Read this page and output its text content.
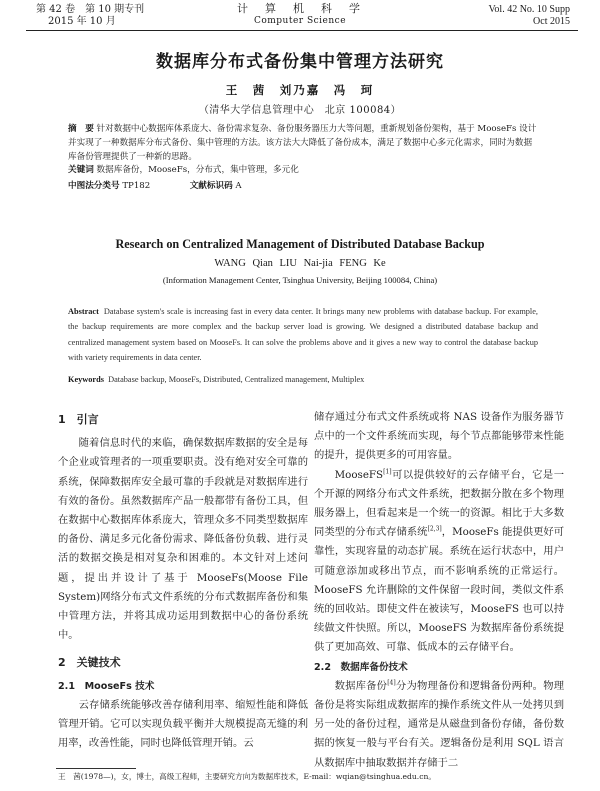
第 42 卷　第 10 期专刊
2015 年 10 月
计　算　机　科　学
Computer Science
Vol. 42 No. 10 Supp
Oct 2015
数据库分布式备份集中管理方法研究
王　茜　刘乃嘉　冯　珂
（清华大学信息管理中心　北京 100084）
摘　要 针对数据中心数据库体系庞大、备份需求复杂、备份服务器压力大等问题，重新规划备份架构，基于 MooseFs 设计并实现了一种数据库分布式备份、集中管理的方法。该方法大大降低了备份成本，满足了数据中心多元化需求，同时为数据库备份管理提供了一种新的思路。
关键词 数据库备份，MooseFs，分布式，集中管理，多元化
中图法分类号 TP182	文献标识码 A
Research on Centralized Management of Distributed Database Backup
WANG Qian LIU Nai-jia FENG Ke
(Information Management Center, Tsinghua University, Beijing 100084, China)
Abstract Database system's scale is increasing fast in every data center. It brings many new problems with database backup. For example, the backup requirements are more complex and the backup server load is growing. We designed a distributed database backup and centralized management system based on MooseFs. It can solve the problems above and it gives a new way to control the database backup with variety requirements in data center.
Keywords Database backup, MooseFs, Distributed, Centralized management, Multiplex
1　引言

随着信息时代的来临，确保数据库数据的安全是每个企业或管理者的一项重要职责。没有绝对安全可靠的系统，保障数据库安全最可靠的手段就是对数据库进行有效的备份。虽然数据库产品一般都带有备份工具，但在数据中心数据库体系庞大，管理众多不同类型数据库的备份、满足多元化备份需求、降低备份负载、进行灵活的数据交换是相对复杂和困难的。本文针对上述问题，提出并设计了基于 MooseFs(Moose File System)网络分布式文件系统的分布式数据库备份和集中管理方法，并将其成功运用到数据中心的备份系统中。

2　关键技术
2.1　MooseFs 技术

云存储系统能够改善存储利用率、缩短性能和降低管理开销。它可以实现负载平衡并大规模提高无缝的利用率，改善性能，同时也降低管理开销。云

储存通过分布式文件系统或将 NAS 设备作为服务器节点中的一个文件系统而实现，每个节点都能够带来性能的提升，提供更多的可用容量。

MooseFS[1]可以提供较好的云存储平台，它是一个开源的网络分布式文件系统，把数据分散在多个物理服务器上，但看起来是一个统一的资源。相比于大多数同类型的分布式存储系统[2,3]，MooseFs 能提供更好可靠性，实现容量的动态扩展。系统在运行状态中，用户可随意添加或移出节点，而不影响系统的正常运行。MooseFS 允许删除的文件保留一段时间，类似文件系统的回收站。即使文件在被读写，MooseFS 也可以持续做文件快照。所以，MooseFS 为数据库备份系统提供了更加高效、可靠、低成本的云存储平台。

2.2　数据库备份技术

数据库备份[4]分为物理备份和逻辑备份两种。物理备份是将实际组成数据库的操作系统文件从一处拷贝到另一处的备份过程，通常是从磁盘到备份存储，备份数据的恢复一般与平台有关。逻辑备份是利用 SQL 语言从数据库中抽取数据并存储于二

王　茜(1978—)，女，博士，高级工程师，主要研究方向为数据库技术，E-mail：wqian@tsinghua.edu.cn。
